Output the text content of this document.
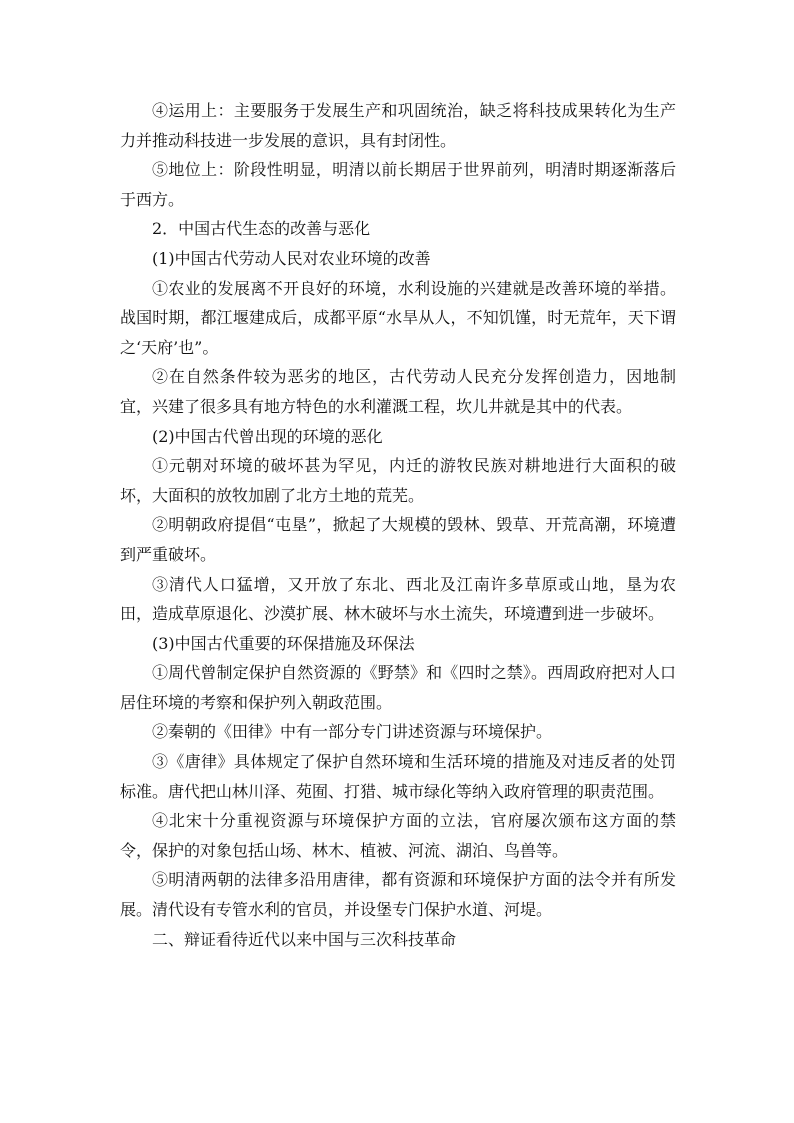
④运用上：主要服务于发展生产和巩固统治，缺乏将科技成果转化为生产力并推动科技进一步发展的意识，具有封闭性。

⑤地位上：阶段性明显，明清以前长期居于世界前列，明清时期逐渐落后于西方。

2．中国古代生态的改善与恶化

(1)中国古代劳动人民对农业环境的改善

①农业的发展离不开良好的环境，水利设施的兴建就是改善环境的举措。战国时期，都江堰建成后，成都平原“水旱从人，不知饥馑，时无荒年，天下谓之‘天府’也”。

②在自然条件较为恶劣的地区，古代劳动人民充分发挥创造力，因地制宜，兴建了很多具有地方特色的水利灌溉工程，坎儿井就是其中的代表。

(2)中国古代曾出现的环境的恶化

①元朝对环境的破坏甚为罕见，内迁的游牧民族对耕地进行大面积的破坏，大面积的放牧加剧了北方土地的荒芜。

②明朝政府提倡“屯垦”，掀起了大规模的毁林、毁草、开荒高潮，环境遭到严重破坏。

③清代人口猛增，又开放了东北、西北及江南许多草原或山地，垦为农田，造成草原退化、沙漠扩展、林木破坏与水土流失，环境遭到进一步破坏。

(3)中国古代重要的环保措施及环保法

①周代曾制定保护自然资源的《野禁》和《四时之禁》。西周政府把对人口居住环境的考察和保护列入朝政范围。

②秦朝的《田律》中有一部分专门讲述资源与环境保护。

③《唐律》具体规定了保护自然环境和生活环境的措施及对违反者的处罚标准。唐代把山林川泽、苑囿、打猎、城市绿化等纳入政府管理的职责范围。

④北宋十分重视资源与环境保护方面的立法，官府屡次颁布这方面的禁令，保护的对象包括山场、林木、植被、河流、湖泊、鸟兽等。

⑤明清两朝的法律多沿用唐律，都有资源和环境保护方面的法令并有所发展。清代设有专管水利的官员，并设堡专门保护水道、河堤。

二、辩证看待近代以来中国与三次科技革命
